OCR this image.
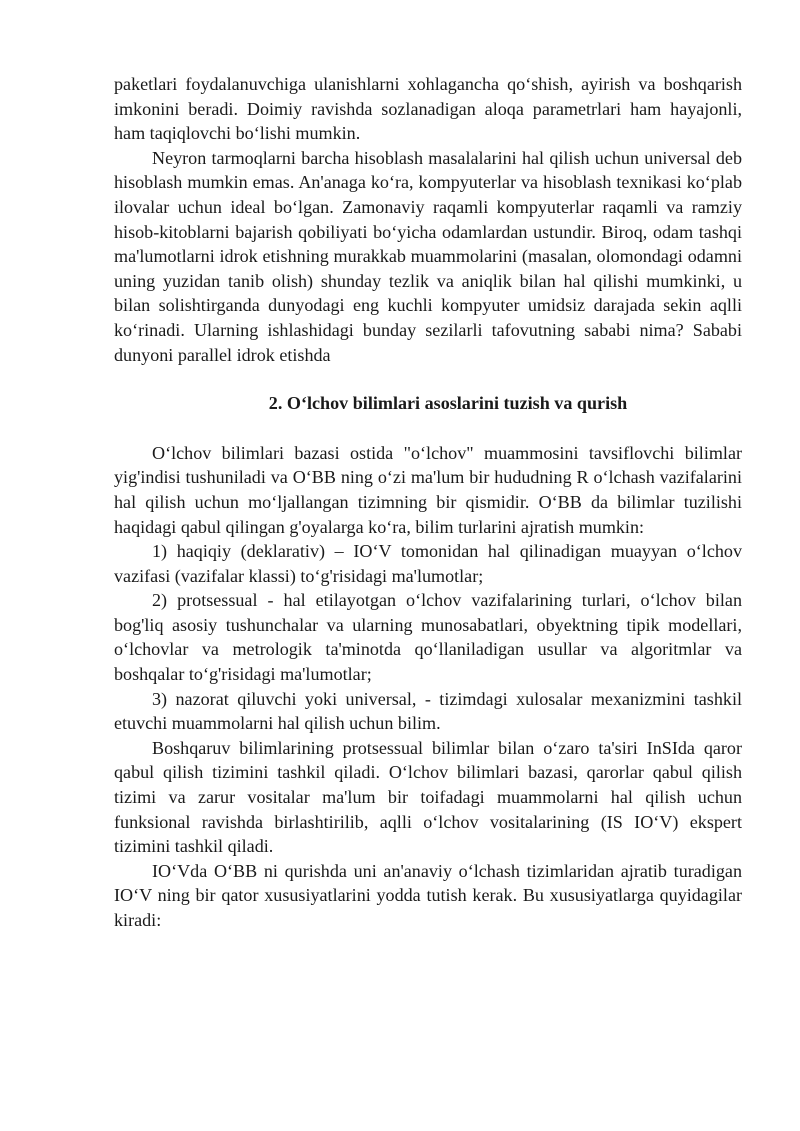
paketlari foydalanuvchiga ulanishlarni xohlagancha qo‘shish, ayirish va boshqarish imkonini beradi. Doimiy ravishda sozlanadigan aloqa parametrlari ham hayajonli, ham taqiqlovchi bo‘lishi mumkin.

Neyron tarmoqlarni barcha hisoblash masalalarini hal qilish uchun universal deb hisoblash mumkin emas. An'anaga ko‘ra, kompyuterlar va hisoblash texnikasi ko‘plab ilovalar uchun ideal bo‘lgan. Zamonaviy raqamli kompyuterlar raqamli va ramziy hisob-kitoblarni bajarish qobiliyati bo‘yicha odamlardan ustundir. Biroq, odam tashqi ma'lumotlarni idrok etishning murakkab muammolarini (masalan, olomondagi odamni uning yuzidan tanib olish) shunday tezlik va aniqlik bilan hal qilishi mumkinki, u bilan solishtirganda dunyodagi eng kuchli kompyuter umidsiz darajada sekin aqlli ko‘rinadi. Ularning ishlashidagi bunday sezilarli tafovutning sababi nima? Sababi dunyoni parallel idrok etishda

2. O‘lchov bilimlari asoslarini tuzish va qurish

O‘lchov bilimlari bazasi ostida "o‘lchov" muammosini tavsiflovchi bilimlar yig'indisi tushuniladi va O‘BB ning o‘zi ma'lum bir hududning R o‘lchash vazifalarini hal qilish uchun mo‘ljallangan tizimning bir qismidir. O‘BB da bilimlar tuzilishi haqidagi qabul qilingan g'oyalarga ko‘ra, bilim turlarini ajratish mumkin:

1) haqiqiy (deklarativ) – IO‘V tomonidan hal qilinadigan muayyan o‘lchov vazifasi (vazifalar klassi) to‘g'risidagi ma'lumotlar;

2) protsessual - hal etilayotgan o‘lchov vazifalarining turlari, o‘lchov bilan bog'liq asosiy tushunchalar va ularning munosabatlari, obyektning tipik modellari, o‘lchovlar va metrologik ta'minotda qo‘llaniladigan usullar va algoritmlar va boshqalar to‘g'risidagi ma'lumotlar;

3) nazorat qiluvchi yoki universal, - tizimdagi xulosalar mexanizmini tashkil etuvchi muammolarni hal qilish uchun bilim.

Boshqaruv bilimlarining protsessual bilimlar bilan o‘zaro ta'siri InSIda qaror qabul qilish tizimini tashkil qiladi. O‘lchov bilimlari bazasi, qarorlar qabul qilish tizimi va zarur vositalar ma'lum bir toifadagi muammolarni hal qilish uchun funksional ravishda birlashtirilib, aqlli o‘lchov vositalarining (IS IO‘V) ekspert tizimini tashkil qiladi.

IO‘Vda O‘BB ni qurishda uni an'anaviy o‘lchash tizimlaridan ajratib turadigan IO‘V ning bir qator xususiyatlarini yodda tutish kerak. Bu xususiyatlarga quyidagilar kiradi:
